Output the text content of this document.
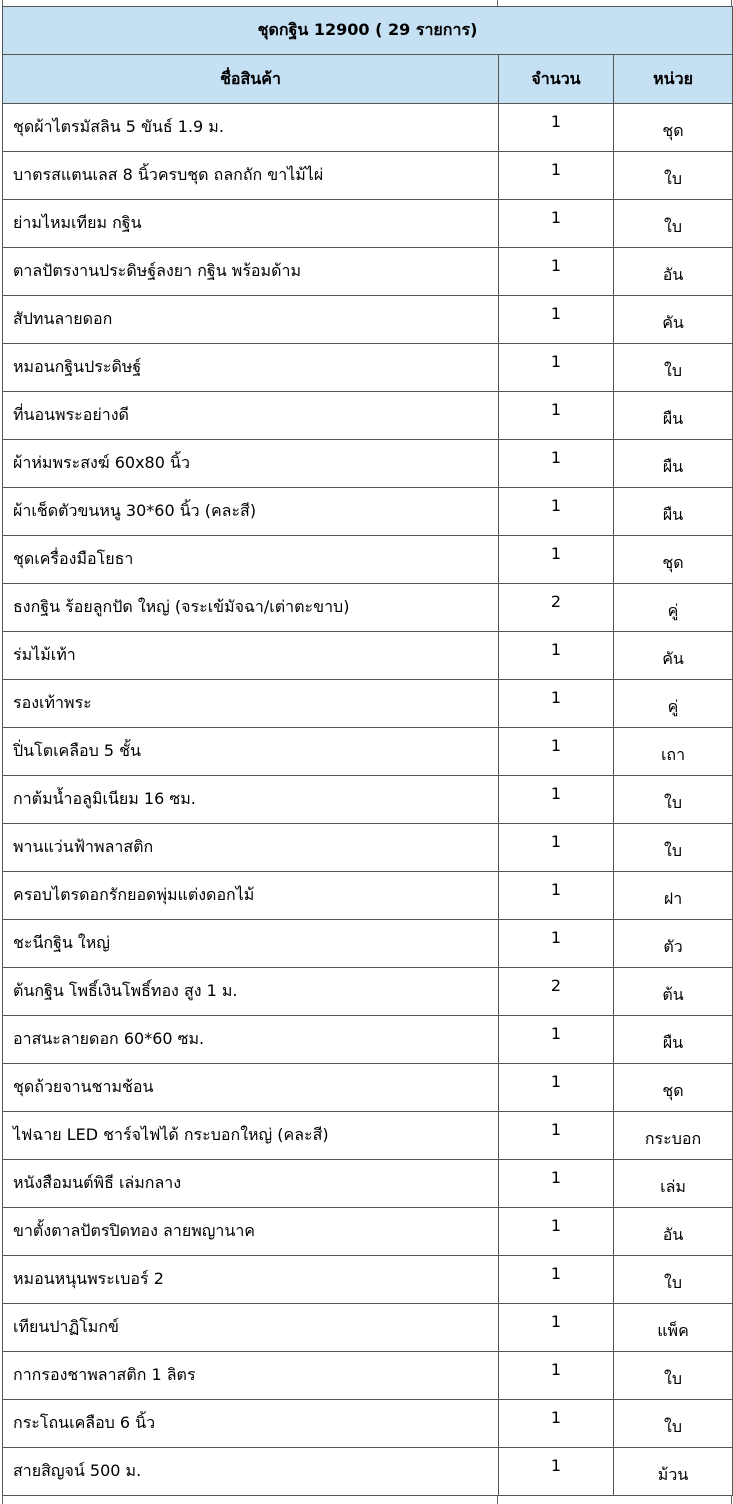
ชุดกฐิน 12900 ( 29 รายการ)		
ชื่อสินค้า	จำนวน	หน่วย
ชุดผ้าไตรมัสลิน 5 ขันธ์ 1.9 ม.	1	ชุด
บาตรสแตนเลส 8 นิ้วครบชุด ถลกถัก ขาไม้ไผ่	1	ใบ
ย่ามไหมเทียม กฐิน	1	ใบ
ตาลปัตรงานประดิษฐ์ลงยา กฐิน พร้อมด้าม	1	อัน
สัปทนลายดอก	1	คัน
หมอนกฐินประดิษฐ์	1	ใบ
ที่นอนพระอย่างดี	1	ผืน
ผ้าห่มพระสงฆ์ 60x80 นิ้ว	1	ผืน
ผ้าเช็ดตัวขนหนู 30*60 นิ้ว (คละสี)	1	ผืน
ชุดเครื่องมือโยธา	1	ชุด
ธงกฐิน ร้อยลูกปัด ใหญ่ (จระเข้มัจฉา/เต่าตะขาบ)	2	คู่
ร่มไม้เท้า	1	คัน
รองเท้าพระ	1	คู่
ปิ่นโตเคลือบ 5 ชั้น	1	เถา
กาต้มน้ำอลูมิเนียม 16 ซม.	1	ใบ
พานแว่นฟ้าพลาสติก	1	ใบ
ครอบไตรดอกรักยอดพุ่มแต่งดอกไม้	1	ฝา
ชะนีกฐิน ใหญ่	1	ตัว
ต้นกฐิน โพธิ์เงินโพธิ์ทอง สูง 1 ม.	2	ต้น
อาสนะลายดอก 60*60 ซม.	1	ผืน
ชุดถ้วยจานชามช้อน	1	ชุด
ไฟฉาย LED ชาร์จไฟได้ กระบอกใหญ่ (คละสี)	1	กระบอก
หนังสือมนต์พิธี เล่มกลาง	1	เล่ม
ขาตั้งตาลปัตรปิดทอง ลายพญานาค	1	อัน
หมอนหนุนพระเบอร์ 2	1	ใบ
เทียนปาฏิโมกข์	1	แพ็ค
กากรองชาพลาสติก 1 ลิตร	1	ใบ
กระโถนเคลือบ 6 นิ้ว	1	ใบ
สายสิญจน์ 500 ม.	1	ม้วน
